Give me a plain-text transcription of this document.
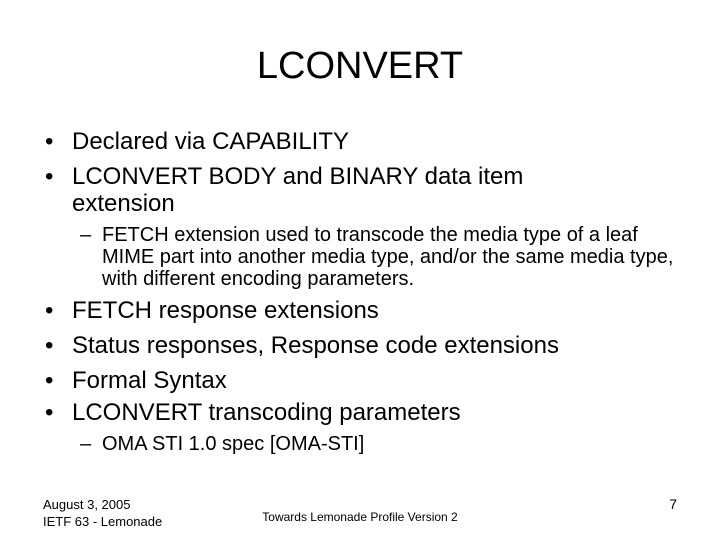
LCONVERT
• Declared via CAPABILITY
• LCONVERT BODY and BINARY data item extension
– FETCH extension used to transcode the media type of a leaf MIME part into another media type, and/or the same media type, with different encoding parameters.
• FETCH response extensions
• Status responses, Response code extensions
• Formal Syntax
• LCONVERT transcoding parameters
– OMA STI 1.0 spec [OMA-STI]
August 3, 2005
IETF 63 - Lemonade	Towards Lemonade Profile Version 2
7
